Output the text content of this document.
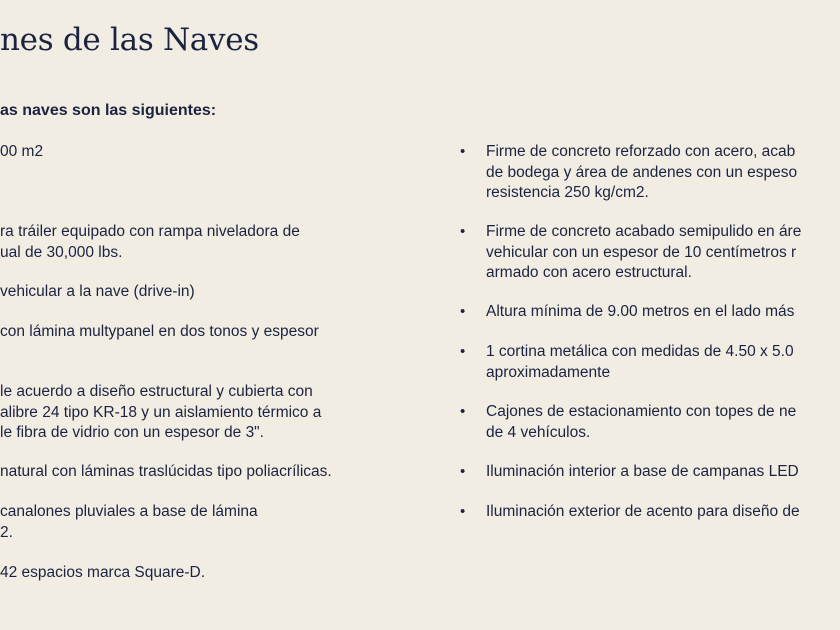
nes de las Naves

as naves son las siguientes:

00 m2
ra tráiler equipado con rampa niveladora de
ual de 30,000 lbs.
vehicular a la nave (drive-in)
con lámina multypanel en dos tonos y espesor
le acuerdo a diseño estructural y cubierta con
alibre 24 tipo KR-18 y un aislamiento térmico a
le fibra de vidrio con un espesor de 3".
natural con láminas traslúcidas tipo poliacrílicas.
canalones pluviales a base de lámina
2.
42 espacios marca Square-D.
•	Firme de concreto reforzado con acero, acab
de bodega y área de andenes con un espeso
resistencia 250 kg/cm2.
•	Firme de concreto acabado semipulido en áre
vehicular con un espesor de 10 centímetros r
armado con acero estructural.
•	Altura mínima de 9.00 metros en el lado más
•	1 cortina metálica con medidas de 4.50 x 5.0
aproximadamente
•	Cajones de estacionamiento con topes de ne
de 4 vehículos.
•	Iluminación interior a base de campanas LED
•	Iluminación exterior de acento para diseño de
